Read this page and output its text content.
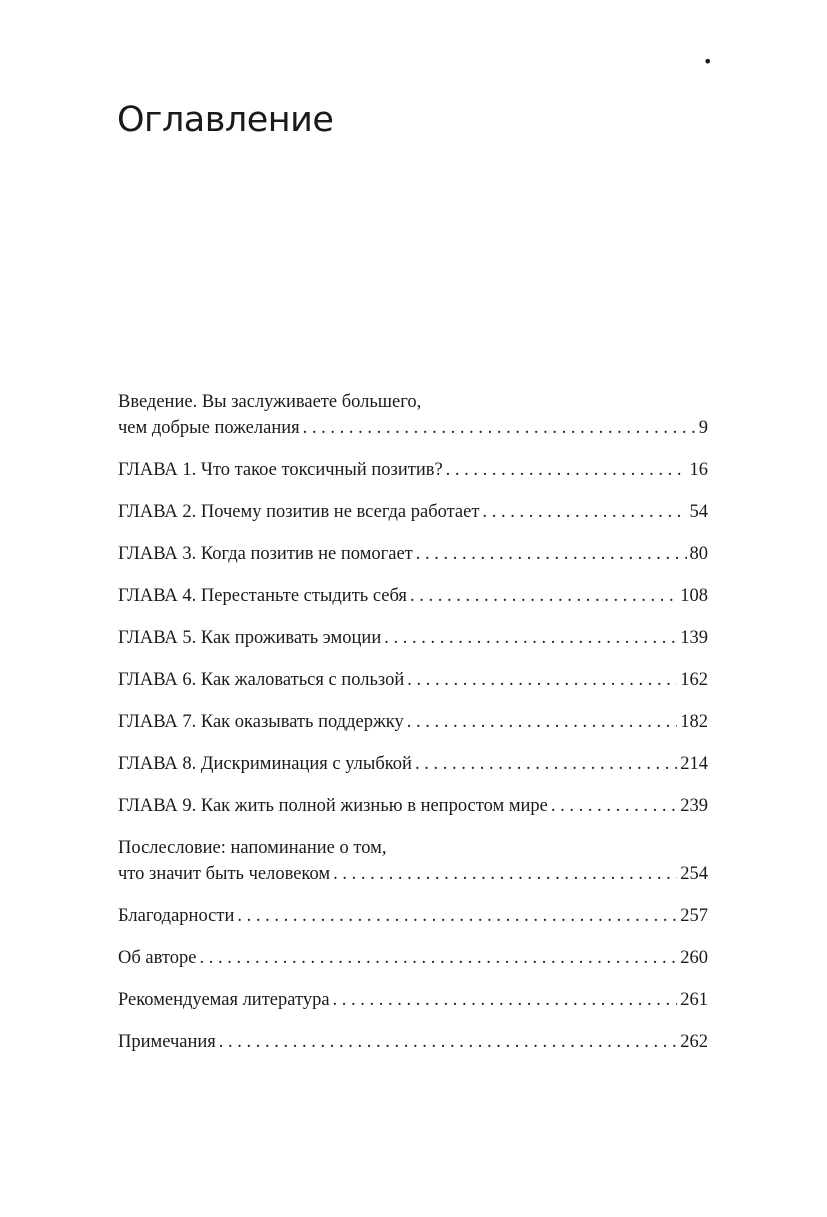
•
Оглавление
Введение. Вы заслуживаете большего,
чем добрые пожелания . . .	9
ГЛАВА 1. Что такое токсичный позитив? . . .	16
ГЛАВА 2. Почему позитив не всегда работает . . .	54
ГЛАВА 3. Когда позитив не помогает . . .	80
ГЛАВА 4. Перестаньте стыдить себя . . .	108
ГЛАВА 5. Как проживать эмоции . . .	139
ГЛАВА 6. Как жаловаться с пользой . . .	162
ГЛАВА 7. Как оказывать поддержку . . .	182
ГЛАВА 8. Дискриминация с улыбкой . . .	214
ГЛАВА 9. Как жить полной жизнью в непростом мире . . .	239
Послесловие: напоминание о том,
что значит быть человеком . . .	254
Благодарности . . .	257
Об авторе . . .	260
Рекомендуемая литература . . .	261
Примечания . . .	262
